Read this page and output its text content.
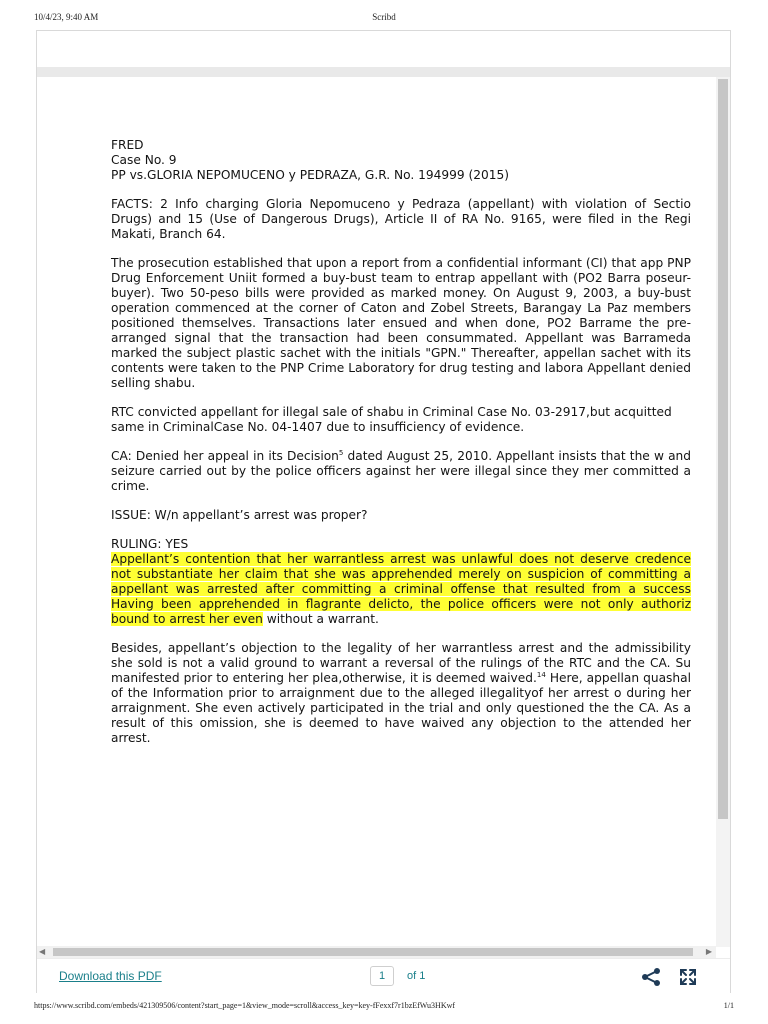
10/4/23, 9:40 AM	Scribd
◀	▶
Download this PDF	1	of 1

FRED

Case No. 9

PP vs.GLORIA NEPOMUCENO y PEDRAZA, G.R. No. 194999 (2015)

FACTS: 2 Info charging Gloria Nepomuceno y Pedraza (appellant) with violation of Sectio Drugs) and 15 (Use of Dangerous Drugs), Article II of RA No. 9165, were filed in the Regi Makati, Branch 64.

The prosecution established that upon a report from a confidential informant (CI) that app PNP Drug Enforcement Uniit formed a buy-bust team to entrap appellant with (PO2 Barra poseur-buyer). Two 50-peso bills were provided as marked money. On August 9, 2003, a buy-bust operation commenced at the corner of Caton and Zobel Streets, Barangay La Paz members positioned themselves. Transactions later ensued and when done, PO2 Barrame the pre-arranged signal that the transaction had been consummated. Appellant was Barrameda marked the subject plastic sachet with the initials "GPN." Thereafter, appellan sachet with its contents were taken to the PNP Crime Laboratory for drug testing and labora Appellant denied selling shabu.

RTC convicted appellant for illegal sale of shabu in Criminal Case No. 03-2917,but acquitted same in CriminalCase No. 04-1407 due to insufficiency of evidence.

CA: Denied her appeal in its Decision$^5$ dated August 25, 2010. Appellant insists that the w and seizure carried out by the police officers against her were illegal since they mer committed a crime.

ISSUE: W/n appellant’s arrest was proper?

RULING: YES

Appellant’s contention that her warrantless arrest was unlawful does not deserve credence not substantiate her claim that she was apprehended merely on suspicion of committing a appellant was arrested after committing a criminal offense that resulted from a success Having been apprehended in flagrante delicto, the police officers were not only authoriz bound to arrest her even without a warrant.

Besides, appellant’s objection to the legality of her warrantless arrest and the admissibility she sold is not a valid ground to warrant a reversal of the rulings of the RTC and the CA. Su manifested prior to entering her plea,otherwise, it is deemed waived.$^{14}$ Here, appellan quashal of the Information prior to arraignment due to the alleged illegalityof her arrest o during her arraignment. She even actively participated in the trial and only questioned the the CA. As a result of this omission, she is deemed to have waived any objection to the attended her arrest.

https://www.scribd.com/embeds/421309506/content?start_page=1&view_mode=scroll&access_key=key-fFexxf7r1bzEfWu3HKwf	1/1
